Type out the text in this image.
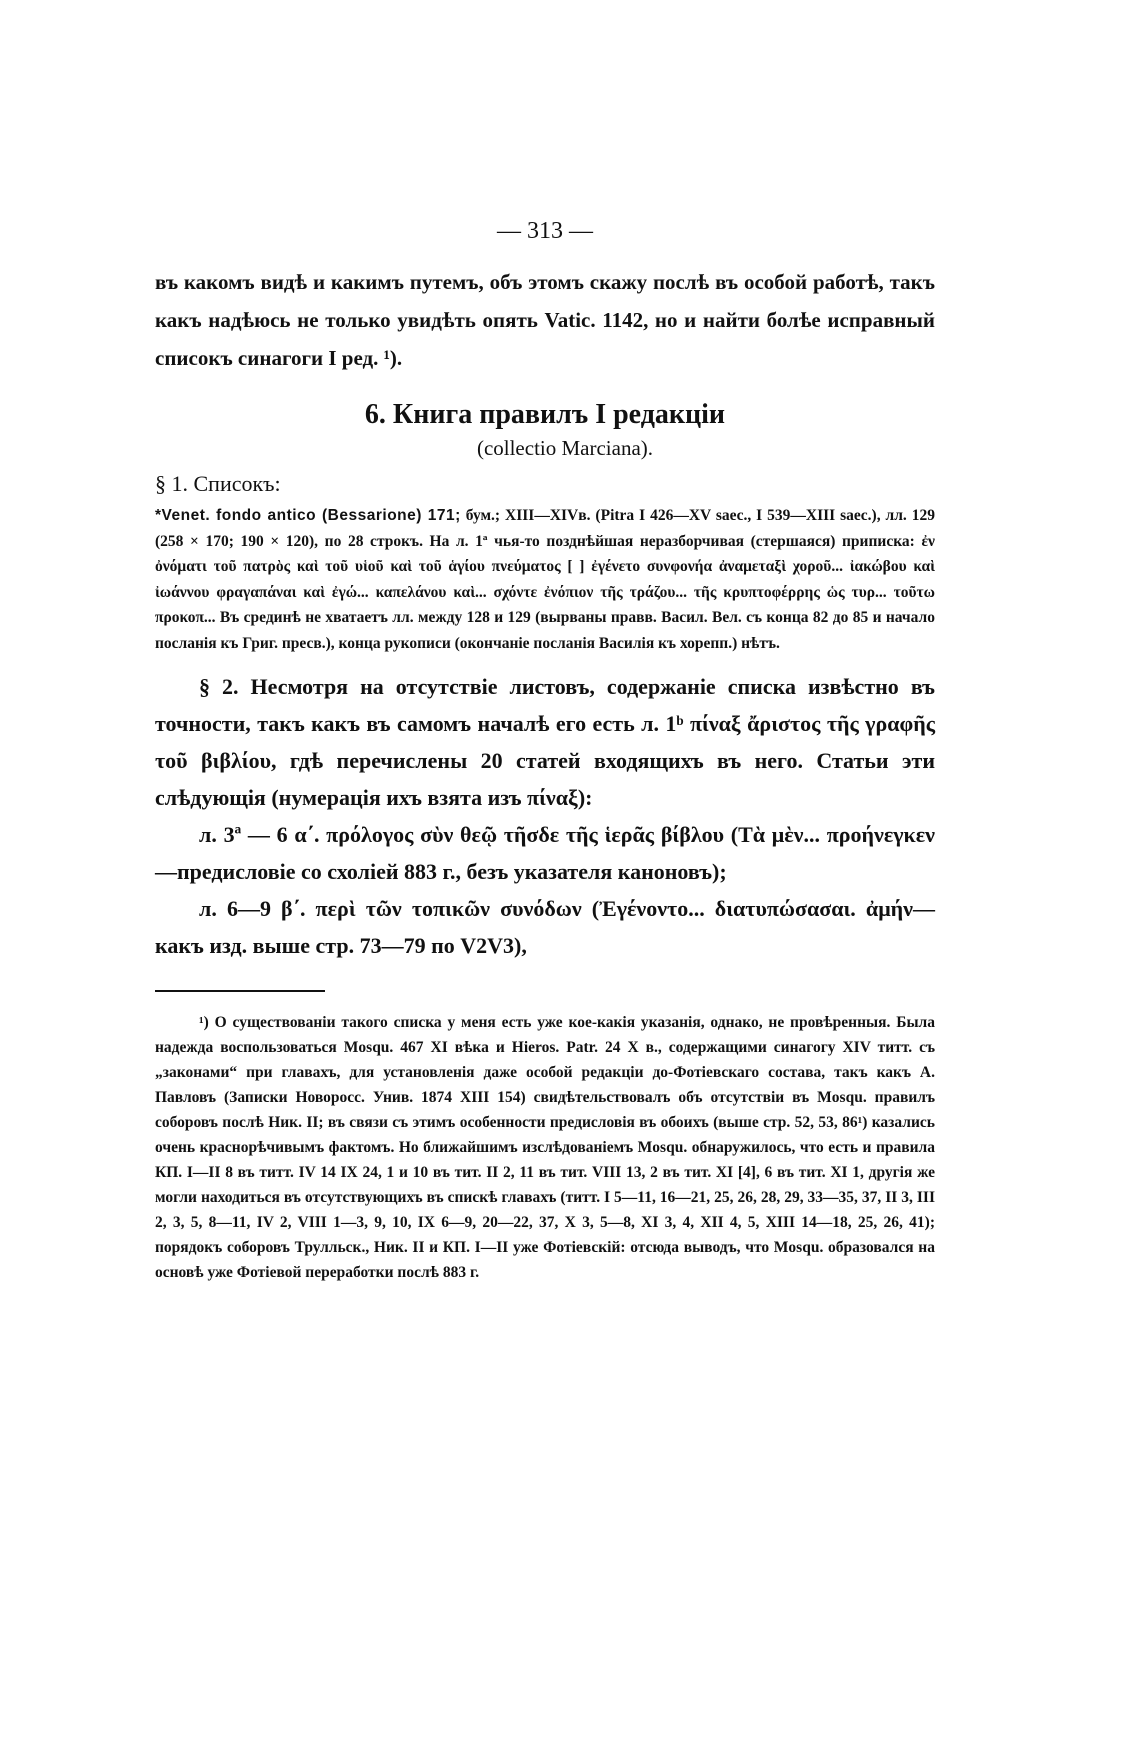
— 313 —

въ какомъ видѣ и какимъ путемъ, объ этомъ скажу послѣ въ особой работѣ, такъ какъ надѣюсь не только увидѣть опять Vatic. 1142, но и найти болѣе исправный списокъ синагоги I ред. ¹).

6. Книга правилъ I редакціи
(collectio Marciana).
§ 1. Списокъ:

*Venet. fondo antico (Bessarione) 171; бум.; XIII—XIVв. (Pitra I 426—XV saec., I 539—XIII saec.), лл. 129 (258 × 170; 190 × 120), по 28 строкъ. На л. 1ª чья-то позднѣйшая неразборчивая (стершаяся) приписка: ἐν ὀνόματι τοῦ πατρὸς καὶ τοῦ υἱοῦ καὶ τοῦ ἁγίου πνεύματος [ ] ἐγένετο συνφονήα ἀναμεταξὶ χοροῦ... ἰακώβου καὶ ἰωάννου φραγαπάναι καὶ ἐγώ... καπελάνου καὶ... σχόντε ἐνόπιον τῆς τράζου... τῆς κρυπτοφέρρης ὡς τυρ... τοῦτω προκοπ... Въ срединѣ не хватаетъ лл. между 128 и 129 (вырваны правв. Васил. Вел. съ конца 82 до 85 и начало посланія къ Григ. пресв.), конца рукописи (окончаніе посланія Василія къ хорепп.) нѣтъ.

§ 2. Несмотря на отсутствіе листовъ, содержаніе списка извѣстно въ точности, такъ какъ въ самомъ началѣ его есть л. 1ᵇ πίναξ ἄριστος τῆς γραφῆς τοῦ βιβλίου, гдѣ перечислены 20 статей входящихъ въ него. Статьи эти слѣдующія (нумерація ихъ взята изъ πίναξ):

л. 3ª — 6 α΄. πρόλογος σὺν θεῷ τῆσδε τῆς ἱερᾶς βίβλου (Τὰ μὲν... προήνεγκεν—предисловіе со схоліей 883 г., безъ указателя каноновъ);

л. 6—9 β΄. περὶ τῶν τοπικῶν συνόδων (Ἐγένοντο... διατυπώσασαι. ἀμήν—какъ изд. выше стр. 73—79 по V2V3),

¹) О существованіи такого списка у меня есть уже кое-какія указанія, однако, не провѣренныя. Была надежда воспользоваться Mosqu. 467 XI вѣка и Hieros. Patr. 24 X в., содержащими синагогу XIV титт. съ „законами“ при главахъ, для установленія даже особой редакціи до-Фотіевскаго состава, такъ какъ А. Павловъ (Записки Новоросс. Унив. 1874 XIII 154) свидѣтельствовалъ объ отсутствіи въ Mosqu. правилъ соборовъ послѣ Ник. II; въ связи съ этимъ особенности предисловія въ обоихъ (выше стр. 52, 53, 86¹) казались очень краснорѣчивымъ фактомъ. Но ближайшимъ изслѣдованіемъ Mosqu. обнаружилось, что есть и правила КП. I—II 8 въ титт. IV 14 IX 24, 1 и 10 въ тит. II 2, 11 въ тит. VIII 13, 2 въ тит. XI [4], 6 въ тит. XI 1, другія же могли находиться въ отсутствующихъ въ спискѣ главахъ (титт. I 5—11, 16—21, 25, 26, 28, 29, 33—35, 37, II 3, III 2, 3, 5, 8—11, IV 2, VIII 1—3, 9, 10, IX 6—9, 20—22, 37, X 3, 5—8, XI 3, 4, XII 4, 5, XIII 14—18, 25, 26, 41); порядокъ соборовъ Трулльск., Ник. II и КП. I—II уже Фотіевскій: отсюда выводъ, что Mosqu. образовался на основѣ уже Фотіевой переработки послѣ 883 г.
